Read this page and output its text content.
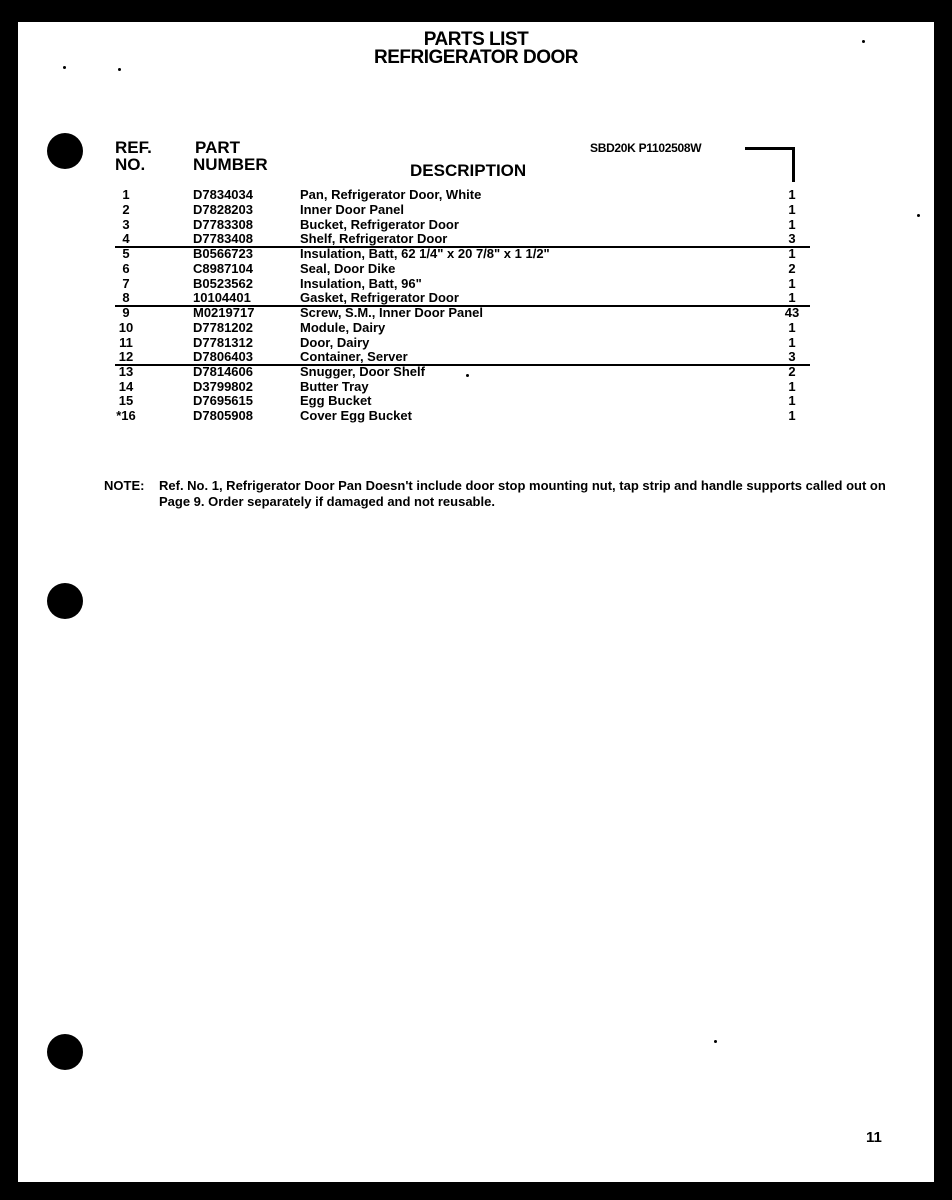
PARTS LIST
REFRIGERATOR DOOR
REF.
NO.
PART
NUMBER	DESCRIPTION
SBD20K P1102508W
1	D7834034	Pan, Refrigerator Door, White	1
2	D7828203	Inner Door Panel	1
3	D7783308	Bucket, Refrigerator Door	1
4	D7783408	Shelf, Refrigerator Door	3
5	B0566723	Insulation, Batt, 62 1/4" x 20 7/8" x 1 1/2"	1
6	C8987104	Seal, Door Dike	2
7	B0523562	Insulation, Batt, 96"	1
8	10104401	Gasket, Refrigerator Door	1
9	M0219717	Screw, S.M., Inner Door Panel	43
10	D7781202	Module, Dairy	1
11	D7781312	Door, Dairy	1
12	D7806403	Container, Server	3
13	D7814606	Snugger, Door Shelf	2
14	D3799802	Butter Tray	1
15	D7695615	Egg Bucket	1
*16	D7805908	Cover Egg Bucket	1
NOTE: Ref. No. 1, Refrigerator Door Pan Doesn't include door stop mounting nut, tap strip and handle supports called out on Page 9. Order separately if damaged and not reusable.
11
